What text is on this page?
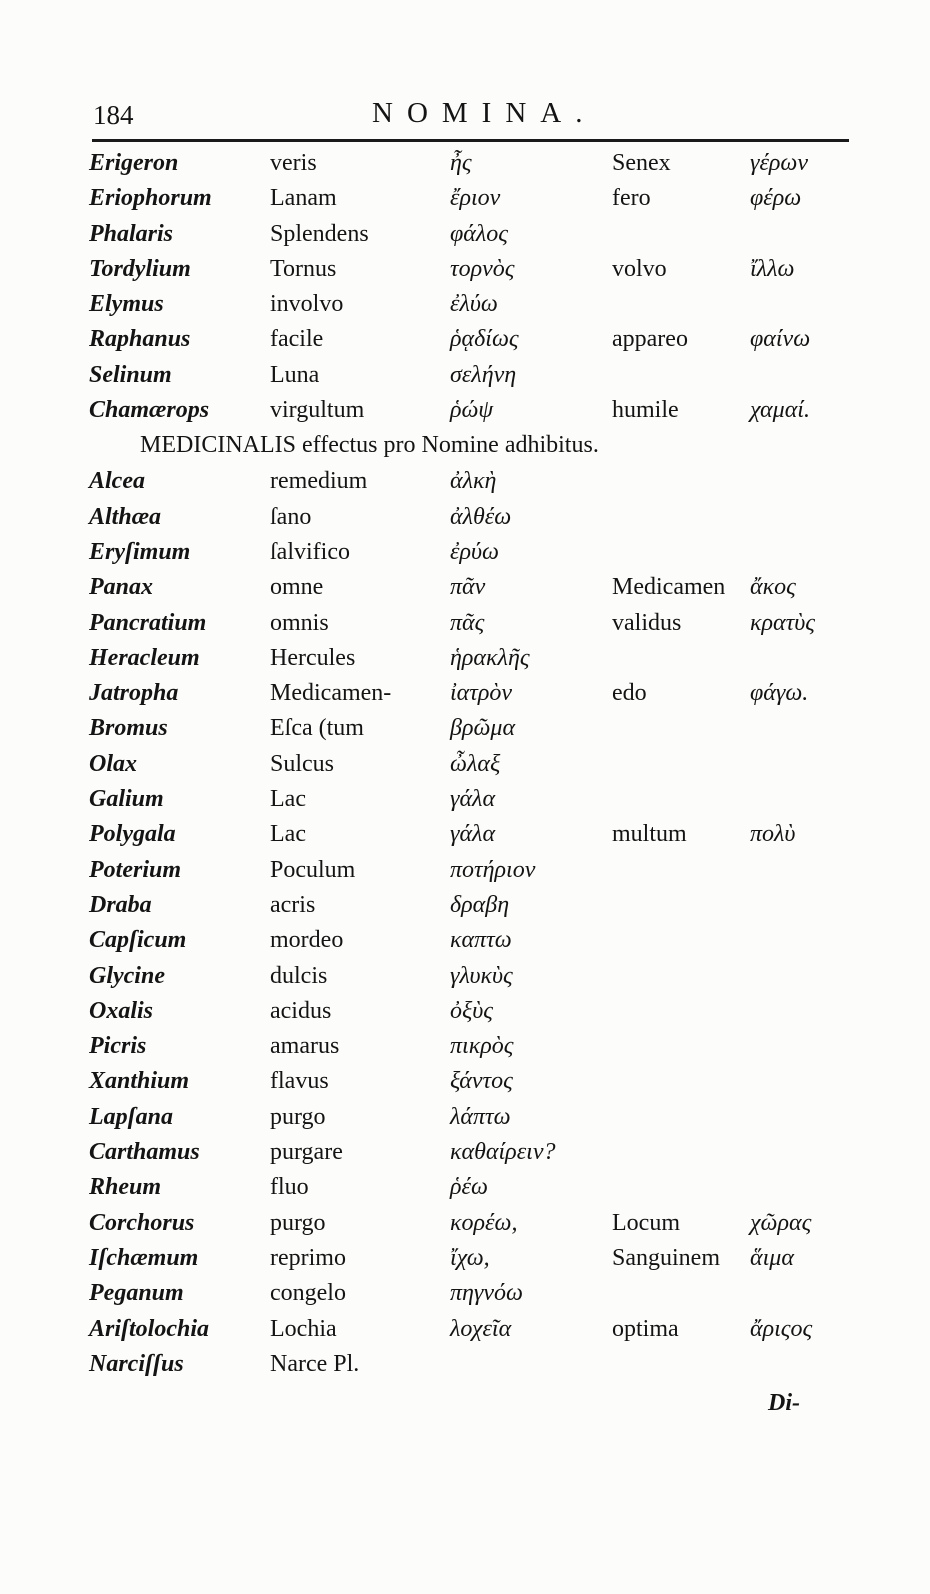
184	NOMINA.
Erigeron	veris	ἦς	Senex	γέρων
Eriophorum Lanam	ἔριον	fero	φέρω
Phalaris	Splendens	φάλος
Tordylium	Tornus	τορνὸς	volvo	ἴλλω
Elymus	involvo	ἐλύω
Raphanus	facile	ῥᾳδίως	appareo	φαίνω
Selinum	Luna	σελήνη
Chamærops	virgultum	ῥώψ	humile	χαμαί.
MEDICINALIS effectus pro Nomine adhibitus.
Alcea	remedium	ἀλκὴ
Althæa	ſano	ἀλθέω
Eryſimum	ſalvifico	ἐρύω
Panax	omne	πᾶν	Medicamen ἄκος
Pancratium	omnis	πᾶς	validus	κρατὺς
Heracleum	Hercules	ἡρακλῆς
Jatropha	Medicamen- ἰατρὸν	edo	φάγω.
Bromus	Eſca (tum	βρῶμα
Olax	Sulcus	ὦλαξ
Galium	Lac	γάλα
Polygala	Lac	γάλα	multum	πολὺ
Poterium	Poculum	ποτήριον
Draba	acris	δραβη
Capſicum	mordeo	καπτω
Glycine	dulcis	γλυκὺς
Oxalis	acidus	ὀξὺς
Picris	amarus	πικρὸς
Xanthium	flavus	ξάντος
Lapſana	purgo	λάπτω
Carthamus	purgare	καθαίρειν?
Rheum	fluo	ῥέω
Corchorus	purgo	κορέω,	Locum	χῶρας
Iſchæmum	reprimo	ἴχω,	Sanguinem ἅιμα
Peganum	congelo	πηγνόω
Ariſtolochia	Lochia	λοχεῖα	optima	ἄριςος
Narciſſus	Narce Pl.
Di-
